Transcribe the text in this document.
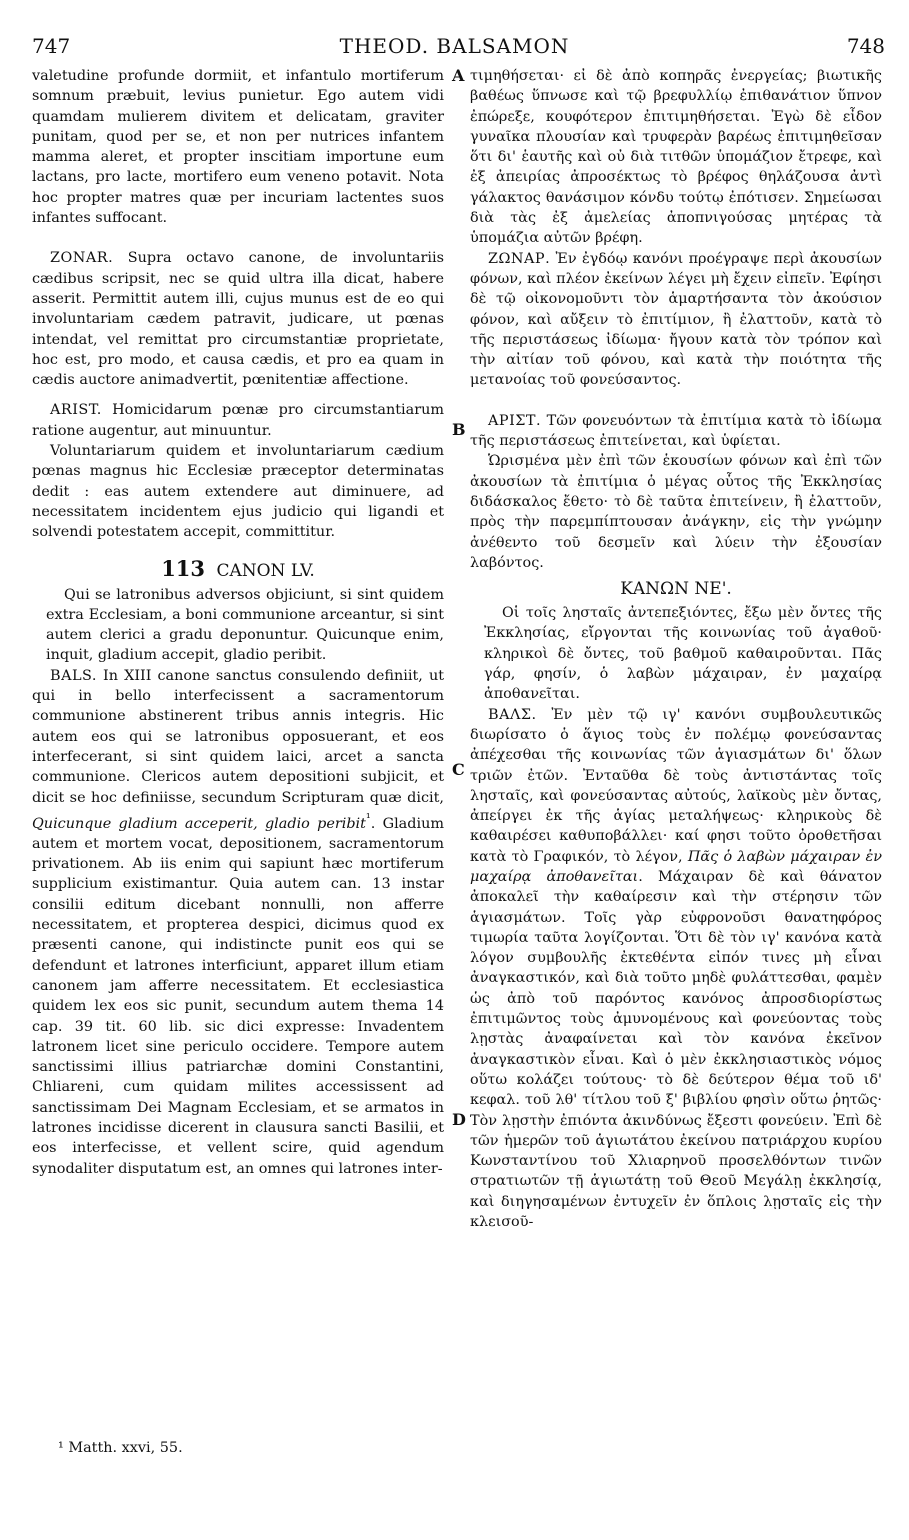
747	THEOD. BALSAMON	748

valetudine profunde dormiit, et infantulo mortiferum somnum præbuit, levius punietur. Ego autem vidi quamdam mulierem divitem et delicatam, graviter punitam, quod per se, et non per nutrices infantem mamma aleret, et propter inscitiam importune eum lactans, pro lacte, mortifero eum veneno potavit. Nota hoc propter matres quæ per incuriam lactentes suos infantes suffocant.

ZONAR. Supra octavo canone, de involuntariis cædibus scripsit, nec se quid ultra illa dicat, habere asserit. Permittit autem illi, cujus munus est de eo qui involuntariam cædem patravit, judicare, ut pœnas intendat, vel remittat pro circumstantiæ proprietate, hoc est, pro modo, et causa cædis, et pro ea quam in cædis auctore animadvertit, pœnitentiæ affectione.

ARIST. Homicidarum pœnæ pro circumstantiarum ratione augentur, aut minuuntur.

Voluntariarum quidem et involuntariarum cædium pœnas magnus hic Ecclesiæ præceptor determinatas dedit : eas autem extendere aut diminuere, ad necessitatem incidentem ejus judicio qui ligandi et solvendi potestatem accepit, committitur.

113 CANON LV.

Qui se latronibus adversos objiciunt, si sint quidem extra Ecclesiam, a boni communione arceantur, si sint autem clerici a gradu deponuntur. Quicunque enim, inquit, gladium accepit, gladio peribit.

BALS. In XIII canone sanctus consulendo definiit, ut qui in bello interfecissent a sacramentorum communione abstinerent tribus annis integris. Hic autem eos qui se latronibus opposuerant, et eos interfecerant, si sint quidem laici, arcet a sancta communione. Clericos autem depositioni subjicit, et dicit se hoc definiisse, secundum Scripturam quæ dicit, Quicunque gladium acceperit, gladio peribit$^{^1}$. Gladium autem et mortem vocat, depositionem, sacramentorum privationem. Ab iis enim qui sapiunt hæc mortiferum supplicium existimantur. Quia autem can. 13 instar consilii editum dicebant nonnulli, non afferre necessitatem, et propterea despici, dicimus quod ex præsenti canone, qui indistincte punit eos qui se defendunt et latrones interficiunt, apparet illum etiam canonem jam afferre necessitatem. Et ecclesiastica quidem lex eos sic punit, secundum autem thema 14 cap. 39 tit. 60 lib. sic dici expresse: Invadentem latronem licet sine periculo occidere. Tempore autem sanctissimi illius patriarchæ domini Constantini, Chliareni, cum quidam milites accessissent ad sanctissimam Dei Magnam Ecclesiam, et se armatos in latrones incidisse dicerent in clausura sancti Basilii, et eos interfecisse, et vellent scire, quid agendum synodaliter disputatum est, an omnes qui latrones inter-

A
B
C
D

τιμηθήσεται· εἰ δὲ ἀπὸ κοπηρᾶς ἐνεργείας; βιωτικῆς βαθέως ὕπνωσε καὶ τῷ βρεφυλλίῳ ἐπιθανάτιον ὕπνον ἐπώρεξε, κουφότερον ἐπιτιμηθήσεται. Ἐγὼ δὲ εἶδον γυναῖκα πλουσίαν καὶ τρυφερὰν βαρέως ἐπιτιμηθεῖσαν ὅτι δι' ἑαυτῆς καὶ οὐ διὰ τιτθῶν ὑπομάζιον ἔτρεφε, καὶ ἐξ ἀπειρίας ἀπροσέκτως τὸ βρέφος θηλάζουσα ἀντὶ γάλακτος θανάσιμον κόνδυ τούτῳ ἐπότισεν. Σημείωσαι διὰ τὰς ἐξ ἀμελείας ἀποπνιγούσας μητέρας τὰ ὑπομάζια αὐτῶν βρέφη.

ΖΩΝΑΡ. Ἐν ἐγδόῳ κανόνι προέγραψε περὶ ἀκουσίων φόνων, καὶ πλέον ἐκείνων λέγει μὴ ἔχειν εἰπεῖν. Ἐφίησι δὲ τῷ οἰκονομοῦντι τὸν ἁμαρτήσαντα τὸν ἀκούσιον φόνον, καὶ αὔξειν τὸ ἐπιτίμιον, ἢ ἐλαττοῦν, κατὰ τὸ τῆς περιστάσεως ἰδίωμα· ἤγουν κατὰ τὸν τρόπον καὶ τὴν αἰτίαν τοῦ φόνου, καὶ κατὰ τὴν ποιότητα τῆς μετανοίας τοῦ φονεύσαντος.

ΑΡΙΣΤ. Τῶν φονευόντων τὰ ἐπιτίμια κατὰ τὸ ἰδίωμα τῆς περιστάσεως ἐπιτείνεται, καὶ ὑφίεται.

Ὡρισμένα μὲν ἐπὶ τῶν ἑκουσίων φόνων καὶ ἐπὶ τῶν ἀκουσίων τὰ ἐπιτίμια ὁ μέγας οὗτος τῆς Ἐκκλησίας διδάσκαλος ἔθετο· τὸ δὲ ταῦτα ἐπιτείνειν, ἢ ἐλαττοῦν, πρὸς τὴν παρεμπίπτουσαν ἀνάγκην, εἰς τὴν γνώμην ἀνέθεντο τοῦ δεσμεῖν καὶ λύειν τὴν ἐξουσίαν λαβόντος.

ΚΑΝΩΝ ΝΕ'.

Οἱ τοῖς λησταῖς ἀντεπεξιόντες, ἔξω μὲν ὄντες τῆς Ἐκκλησίας, εἴργονται τῆς κοινωνίας τοῦ ἀγαθοῦ· κληρικοὶ δὲ ὄντες, τοῦ βαθμοῦ καθαιροῦνται. Πᾶς γάρ, φησίν, ὁ λαβὼν μάχαιραν, ἐν μαχαίρᾳ ἀποθανεῖται.

ΒΑΛΣ. Ἐν μὲν τῷ ιγ' κανόνι συμβουλευτικῶς διωρίσατο ὁ ἅγιος τοὺς ἐν πολέμῳ φονεύσαντας ἀπέχεσθαι τῆς κοινωνίας τῶν ἁγιασμάτων δι' ὅλων τριῶν ἐτῶν. Ἐνταῦθα δὲ τοὺς ἀντιστάντας τοῖς λησταῖς, καὶ φονεύσαντας αὐτούς, λαϊκοὺς μὲν ὄντας, ἀπείργει ἐκ τῆς ἁγίας μεταλήψεως· κληρικοὺς δὲ καθαιρέσει καθυποβάλλει· καί φησι τοῦτο ὀροθετῆσαι κατὰ τὸ Γραφικόν, τὸ λέγον, Πᾶς ὁ λαβὼν μάχαιραν ἐν μαχαίρᾳ ἀποθανεῖται. Μάχαιραν δὲ καὶ θάνατον ἀποκαλεῖ τὴν καθαίρεσιν καὶ τὴν στέρησιν τῶν ἁγιασμάτων. Τοῖς γὰρ εὐφρονοῦσι θανατηφόρος τιμωρία ταῦτα λογίζονται. Ὅτι δὲ τὸν ιγ' κανόνα κατὰ λόγον συμβουλῆς ἐκτεθέντα εἰπόν τινες μὴ εἶναι ἀναγκαστικόν, καὶ διὰ τοῦτο μηδὲ φυλάττεσθαι, φαμὲν ὡς ἀπὸ τοῦ παρόντος κανόνος ἀπροσδιορίστως ἐπιτιμῶντος τοὺς ἀμυνομένους καὶ φονεύοντας τοὺς λῃστὰς ἀναφαίνεται καὶ τὸν κανόνα ἐκεῖνον ἀναγκαστικὸν εἶναι. Καὶ ὁ μὲν ἐκκλησιαστικὸς νόμος οὕτω κολάζει τούτους· τὸ δὲ δεύτερον θέμα τοῦ ιδ' κεφαλ. τοῦ λθ' τίτλου τοῦ ξ' βιβλίου φησὶν οὕτω ῥητῶς· Τὸν λῃστὴν ἐπιόντα ἀκινδύνως ἔξεστι φονεύειν. Ἐπὶ δὲ τῶν ἡμερῶν τοῦ ἁγιωτάτου ἐκείνου πατριάρχου κυρίου Κωνσταντίνου τοῦ Χλιαρηνοῦ προσελθόντων τινῶν στρατιωτῶν τῇ ἁγιωτάτῃ τοῦ Θεοῦ Μεγάλῃ ἐκκλησίᾳ, καὶ διηγησαμένων ἐντυχεῖν ἐν ὅπλοις λῃσταῖς εἰς τὴν κλεισοῦ-

¹ Matth. xxvi, 55.
